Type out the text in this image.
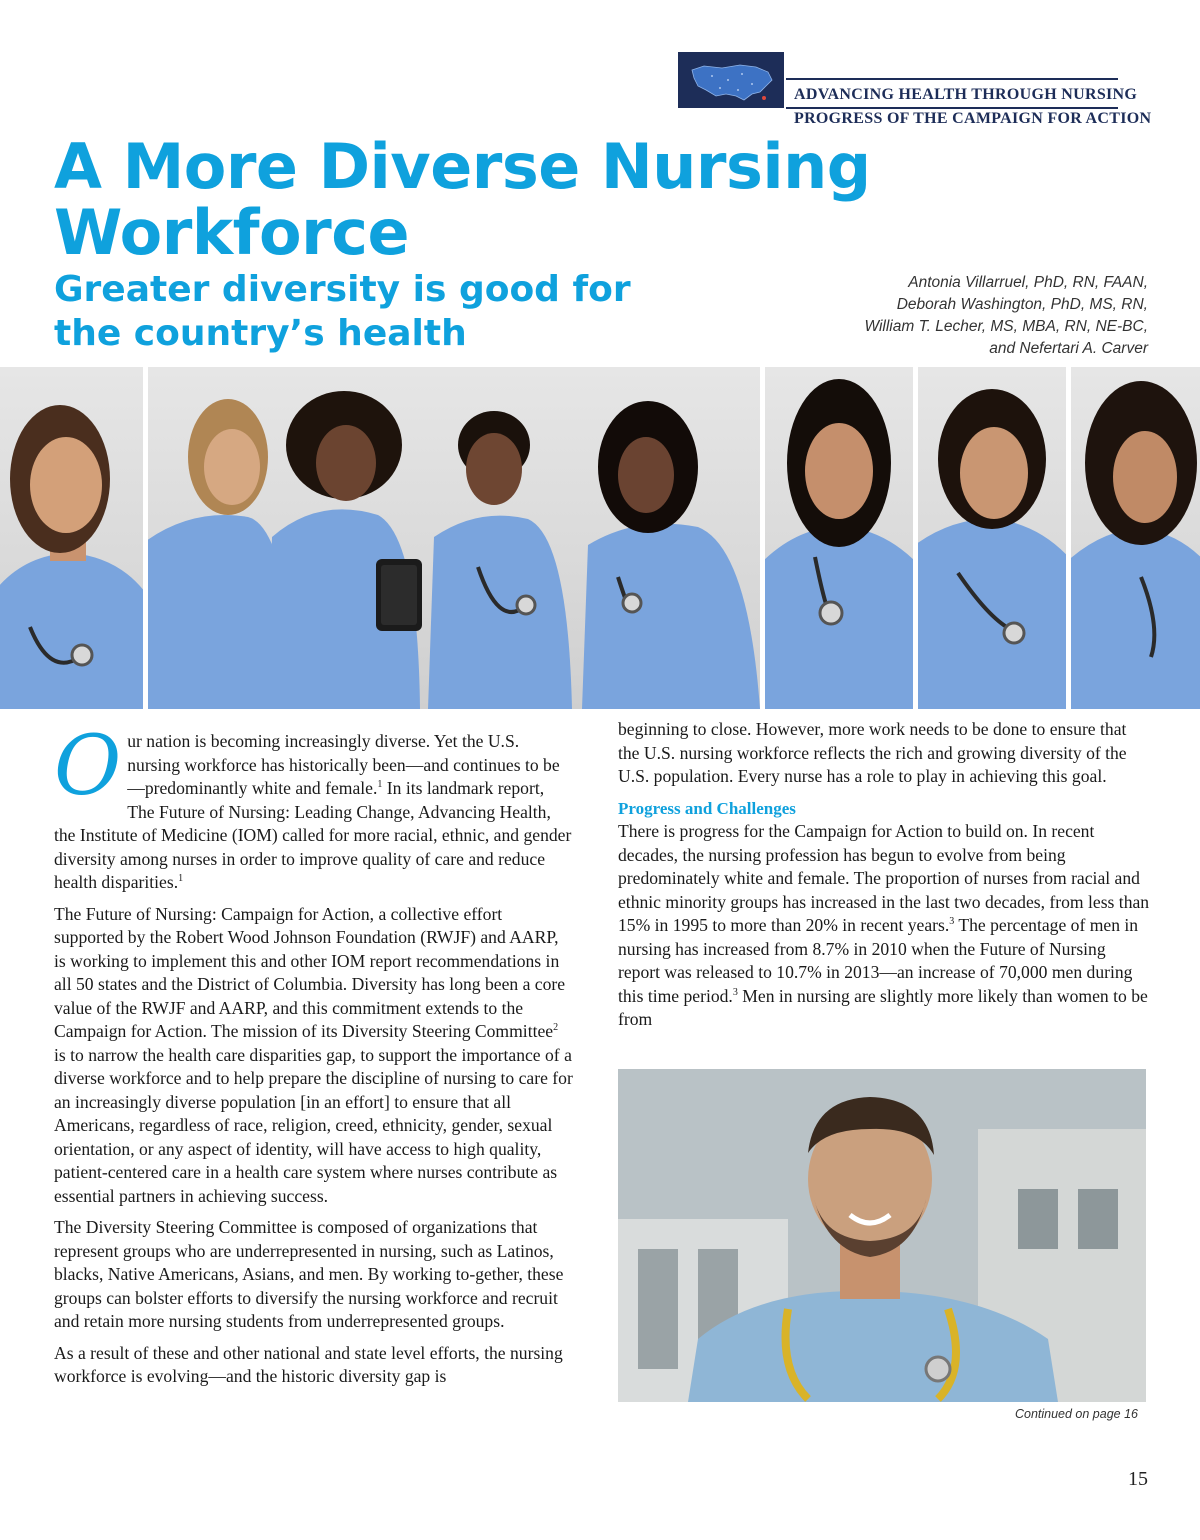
ADVANCING HEALTH THROUGH NURSING
PROGRESS OF THE CAMPAIGN FOR ACTION
A More Diverse Nursing Workforce
Greater diversity is good for the country’s health
Antonia Villarruel, PhD, RN, FAAN,
Deborah Washington, PhD, MS, RN,
William T. Lecher, MS, MBA, RN, NE-BC,
and Nefertari A. Carver

Our nation is becoming increasingly diverse. Yet the U.S. nursing workforce has historically been—and continues to be—predominantly white and female.$^1$ In its landmark report, The Future of Nursing: Leading Change, Advancing Health, the Institute of Medicine (IOM) called for more racial, ethnic, and gender diversity among nurses in order to improve quality of care and reduce health disparities.$^1$

The Future of Nursing: Campaign for Action, a collective effort supported by the Robert Wood Johnson Foundation (RWJF) and AARP, is working to implement this and other IOM report recommendations in all 50 states and the District of Columbia. Diversity has long been a core value of the RWJF and AARP, and this commitment extends to the Campaign for Action. The mission of its Diversity Steering Committee$^2$ is to narrow the health care disparities gap, to support the importance of a diverse workforce and to help prepare the discipline of nursing to care for an increasingly diverse population [in an effort] to ensure that all Americans, regardless of race, religion, creed, ethnicity, gender, sexual orientation, or any aspect of identity, will have access to high quality, patient-centered care in a health care system where nurses contribute as essential partners in achieving success.

The Diversity Steering Committee is composed of organizations that represent groups who are underrepresented in nursing, such as Latinos, blacks, Native Americans, Asians, and men. By working to-gether, these groups can bolster efforts to diversify the nursing workforce and recruit and retain more nursing students from underrepresented groups.

As a result of these and other national and state level efforts, the nursing workforce is evolving—and the historic diversity gap is

beginning to close. However, more work needs to be done to ensure that the U.S. nursing workforce reflects the rich and growing diversity of the U.S. population. Every nurse has a role to play in achieving this goal.

Progress and Challenges

There is progress for the Campaign for Action to build on. In recent decades, the nursing profession has begun to evolve from being predominately white and female. The proportion of nurses from racial and ethnic minority groups has increased in the last two decades, from less than 15% in 1995 to more than 20% in recent years.$^3$ The percentage of men in nursing has increased from 8.7% in 2010 when the Future of Nursing report was released to 10.7% in 2013—an increase of 70,000 men during this time period.$^3$ Men in nursing are slightly more likely than women to be from

Continued on page 16
15
